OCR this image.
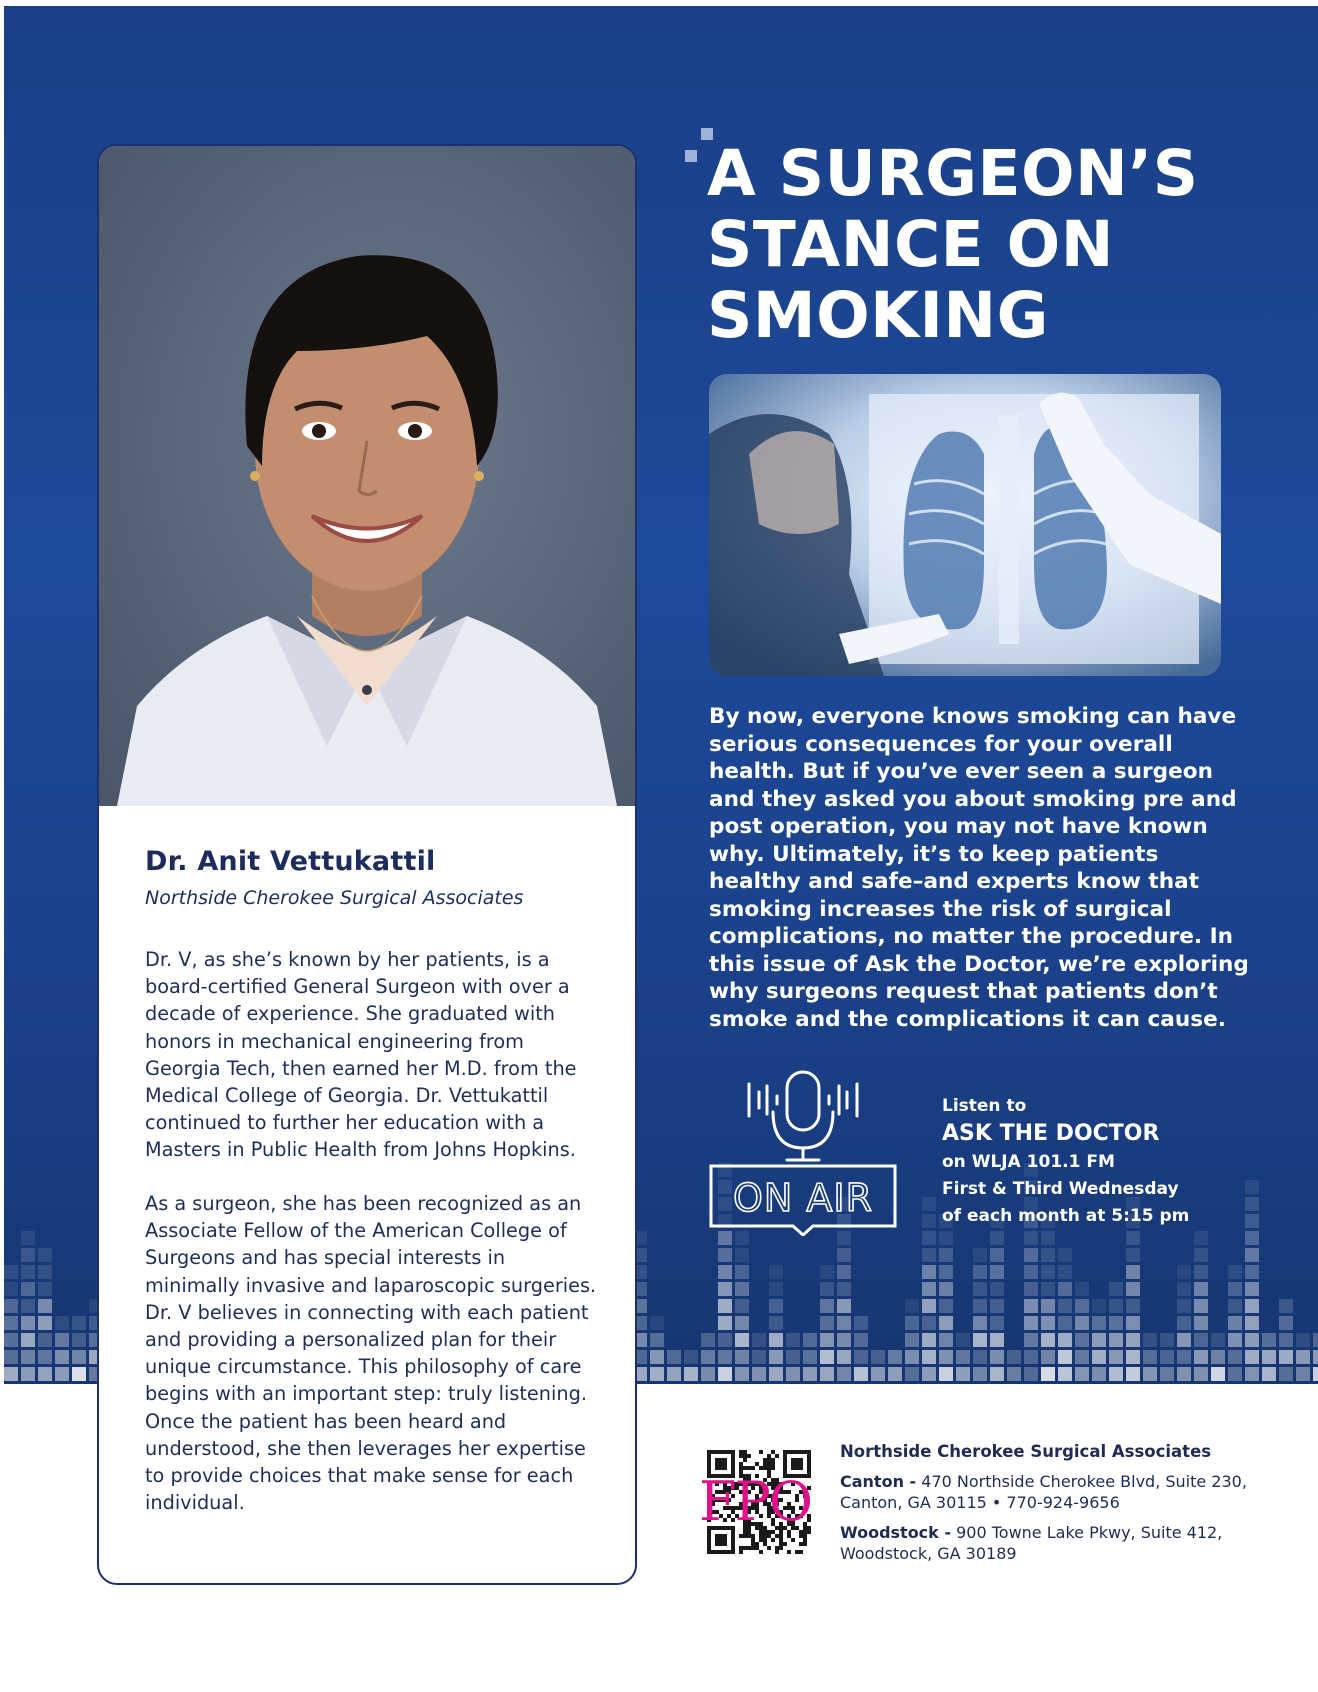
Dr. Anit Vettukattil
Northside Cherokee Surgical Associates

Dr. V, as she’s known by her patients, is a board-certified General Surgeon with over a decade of experience. She graduated with honors in mechanical engineering from Georgia Tech, then earned her M.D. from the Medical College of Georgia. Dr. Vettukattil continued to further her education with a Masters in Public Health from Johns Hopkins.

As a surgeon, she has been recognized as an Associate Fellow of the American College of Surgeons and has special interests in minimally invasive and laparoscopic surgeries. Dr. V believes in connecting with each patient and providing a personalized plan for their unique circumstance. This philosophy of care begins with an important step: truly listening. Once the patient has been heard and understood, she then leverages her expertise to provide choices that make sense for each individual.

A SURGEON’S
STANCE ON
SMOKING

By now, everyone knows smoking can have serious consequences for your overall health. But if you’ve ever seen a surgeon and they asked you about smoking pre and post operation, you may not have known why. Ultimately, it’s to keep patients healthy and safe–and experts know that smoking increases the risk of surgical complications, no matter the procedure. In this issue of Ask the Doctor, we’re exploring why surgeons request that patients don’t smoke and the complications it can cause.

ON AIR
Listen to
ASK THE DOCTOR
on WLJA 101.1 FM
First & Third Wednesday
of each month at 5:15 pm
FPO
Northside Cherokee Surgical Associates
Canton - 470 Northside Cherokee Blvd, Suite 230,
Canton, GA 30115 • 770-924-9656
Woodstock - 900 Towne Lake Pkwy, Suite 412,
Woodstock, GA 30189
